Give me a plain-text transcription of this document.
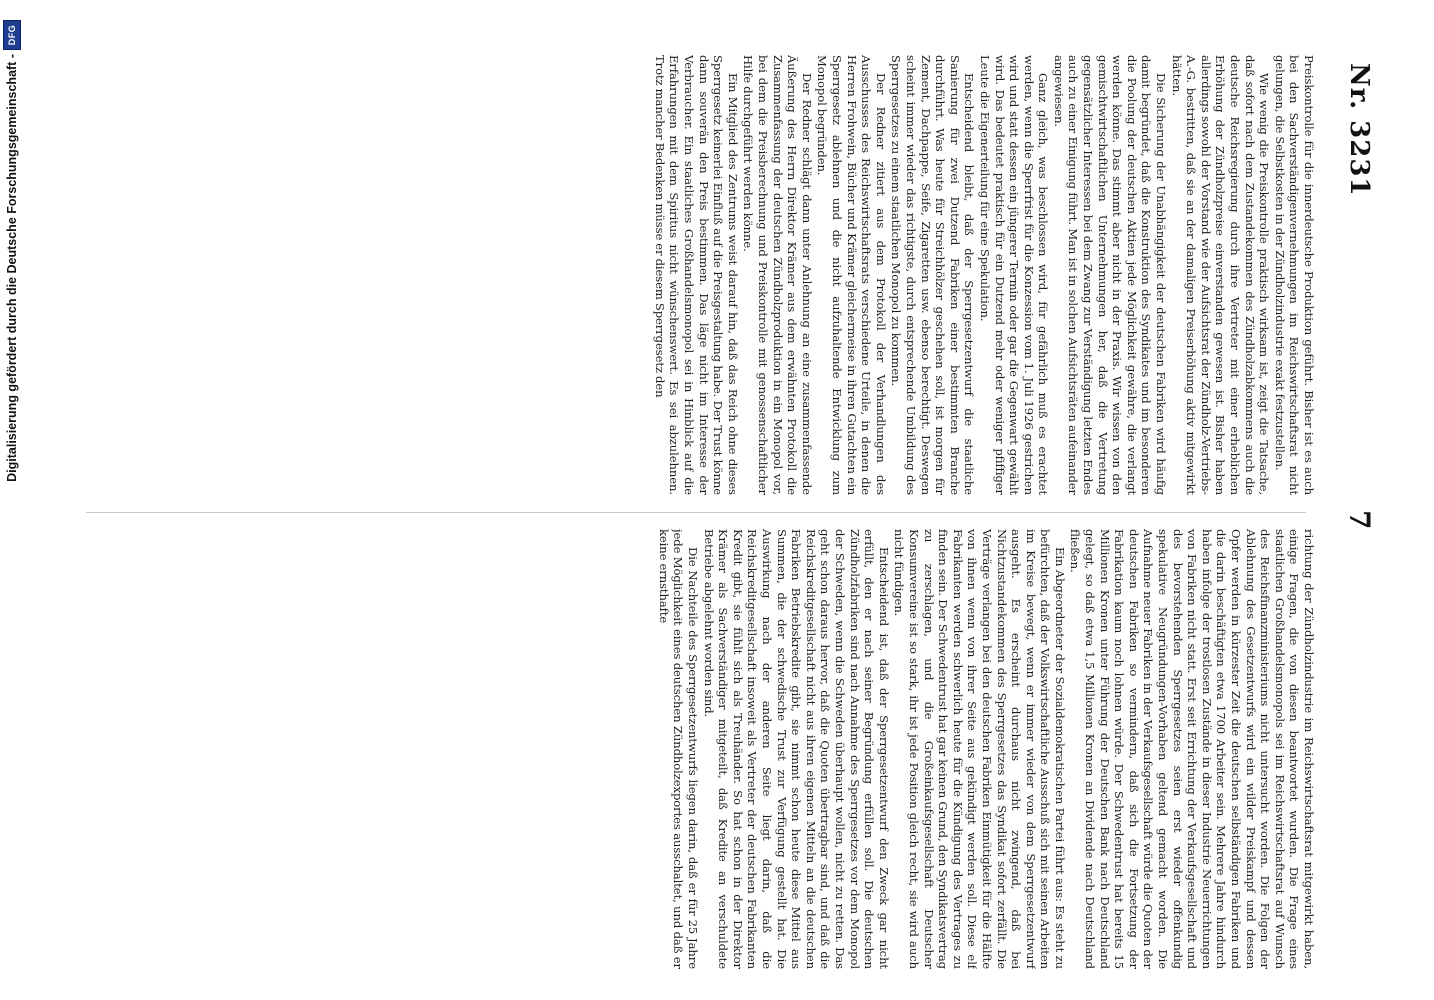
Digitalisierung gefördert durch die Deutsche Forschungsgemeinschaft -
DFG
Nr. 3231
7

Preiskontrolle für die innerdeutsche Produktion geführt. Bisher ist es auch bei den Sachverständigenvernehmungen im Reichswirtschaftsrat nicht gelungen, die Selbstkosten in der Zündholzindustrie exakt festzustellen.

Wie wenig die Preiskontrolle praktisch wirksam ist, zeigt die Tatsache, daß sofort nach dem Zustandekommen des Zündholzabkommens auch die deutsche Reichsregierung durch ihre Vertreter mit einer erheblichen Erhöhung der Zündholzpreise einverstanden gewesen ist. Bisher haben allerdings sowohl der Vorstand wie der Aufsichtsrat der Zündholz-Vertriebs-A.-G. bestritten, daß sie an der damaligen Preiserhöhung aktiv mitgewirkt hätten.

Die Sicherung der Unabhängigkeit der deutschen Fabriken wird häufig damit begründet, daß die Konstruktion des Syndikates und im besonderen die Poolung der deutschen Aktien jede Möglichkeit gewähre, die verlangt werden könne. Das stimmt aber nicht in der Praxis. Wir wissen von den gemischtwirtschaftlichen Unternehmungen her, daß die Vertretung gegensätzlicher Interessen bei dem Zwang zur Verständigung letzten Endes auch zu einer Einigung führt. Man ist in solchen Aufsichtsräten aufeinander angewiesen.

Ganz gleich, was beschlossen wird, für gefährlich muß es erachtet werden, wenn die Sperrfrist für die Konzession vom 1. Juli 1926 gestrichen wird und statt dessen ein jüngerer Termin oder gar die Gegenwart gewählt wird. Das bedeutet praktisch für ein Dutzend mehr oder weniger pfiffiger Leute die Eigenerteilung für eine Spekulation.

Entscheidend bleibt, daß der Sperrgesetzentwurf die staatliche Sanierung für zwei Dutzend Fabriken einer bestimmten Branche durchführt. Was heute für Streichhölzer geschehen soll, ist morgen für Zement, Dachpappe, Seife, Zigaretten usw. ebenso berechtigt. Deswegen scheint immer wieder das richtigste, durch entsprechende Umbildung des Sperrgesetzes zu einem staatlichen Monopol zu kommen.

Der Redner zitiert aus dem Protokoll der Verhandlungen des Ausschusses des Reichswirtschaftsrats verschiedene Urteile, in denen die Herren Frohwein, Bücher und Krämer gleichermeise in ihren Gutachten ein Sperrgesetz ablehnen und die nicht aufzuhaltende Entwicklung zum Monopol begründen.

Der Redner schlägt dann unter Anlehnung an eine zusammenfassende Äußerung des Herrn Direktor Krämer aus dem erwähnten Protokoll die Zusammenfassung der deutschen Zündholzproduktion in ein Monopol vor, bei dem die Preisberechnung und Preiskontrolle mit genossenschaftlicher Hilfe durchgeführt werden könne.

Ein Mitglied des Zentrums weist darauf hin, daß das Reich ohne dieses Sperrgesetz keinerlei Einfluß auf die Preisgestaltung habe. Der Trust könne dann souverän den Preis bestimmen. Das läge nicht im Interesse der Verbraucher. Ein staatliches Großhandelsmonopol sei in Hinblick auf die Erfahrungen mit dem Spiritus nicht wünschenswert. Es sei abzulehnen. Trotz mancher Bedenken müsse er diesem Sperrgesetz den

richtung der Zündholzindustrie im Reichswirtschaftsrat mitgewirkt haben, einige Fragen, die von diesen beantwortet wurden. Die Frage eines staatlichen Großhandelsmonopols sei im Reichswirtschaftsrat auf Wunsch des Reichsfinanzministeriums nicht untersucht worden. Die Folgen der Ablehnung des Gesetzentwurfs wird ein wilder Preiskampf und dessen Opfer werden in kürzester Zeit die deutschen selbständigen Fabriken und die darin beschäftigten etwa 1700 Arbeiter sein. Mehrere Jahre hindurch haben infolge der trostlosen Zustände in dieser Industrie Neuerrichtungen von Fabriken nicht statt. Erst seit Errichtung der Verkaufsgesellschaft und des bevorstehenden Sperrgesetzes seien erst wieder offenkundig spekulative Neugründungen-Vorhaben geltend gemacht worden. Die Aufnahme neuer Fabriken in der Verkaufsgesellschaft würde die Quoten der deutschen Fabriken so vermindern, daß sich die Fortsetzung der Fabrikation kaum noch lohnen würde. Der Schwedentrust hat bereits 15 Millionen Kronen unter Führung der Deutschen Bank nach Deutschland gelegt, so daß etwa 1,5 Millionen Kronen an Dividende nach Deutschland fließen.

Ein Abgeordneter der Sozialdemokratischen Partei führt aus: Es steht zu befürchten, daß der Volkswirtschaftliche Ausschuß sich mit seinen Arbeiten im Kreise bewegt, wenn er immer wieder von dem Sperrgesetzentwurf ausgeht. Es erscheint durchaus nicht zwingend, daß bei Nichtzustandekommen des Sperrgesetzes das Syndikat sofort zerfällt. Die Verträge verlangen bei den deutschen Fabriken Einmütigkeit für die Hälfte von ihnen wenn von ihrer Seite aus gekündigt werden soll. Diese elf Fabrikanten werden schwerlich heute für die Kündigung des Vertrages zu finden sein. Der Schwedentrust hat gar keinen Grund, den Syndikatsvertrag zu zerschlagen, und die Großeinkaufsgesellschaft Deutscher Konsumvereine ist so stark, ihr ist jede Position gleich recht, sie wird auch nicht fündigen.

Entscheidend ist, daß der Sperrgesetzentwurf den Zweck gar nicht erfüllt, den er nach seiner Begründung erfüllen soll. Die deutschen Zündholzfabriken sind nach Annahme des Sperrgesetzes vor dem Monopol der Schweden, wenn die Schweden überhaupt wollen, nicht zu retten. Das geht schon daraus hervor, daß die Quoten übertragbar sind, und daß die Reichskreditgesellschaft nicht aus ihren eigenen Mitteln an die deutschen Fabriken Betriebskredite gibt, sie nimmt schon heute diese Mittel aus Summen, die der schwedische Trust zur Verfügung gestellt hat. Die Auswirkung nach der anderen Seite liegt darin, daß die Reichskreditgesellschaft insoweit als Vertreter der deutschen Fabrikanten Kredit gibt, sie fühlt sich als Treuhänder. So hat schon in der Direktor Krämer als Sachverständiger mitgeteilt, daß Kredite an verschuldete Betriebe abgelehnt worden sind.

Die Nachteile des Sperrgesetzentwurfs liegen darin, daß er für 25 Jahre jede Möglichkeit eines deutschen Zündholzexportes ausschaltet, und daß er keine ernsthafte
